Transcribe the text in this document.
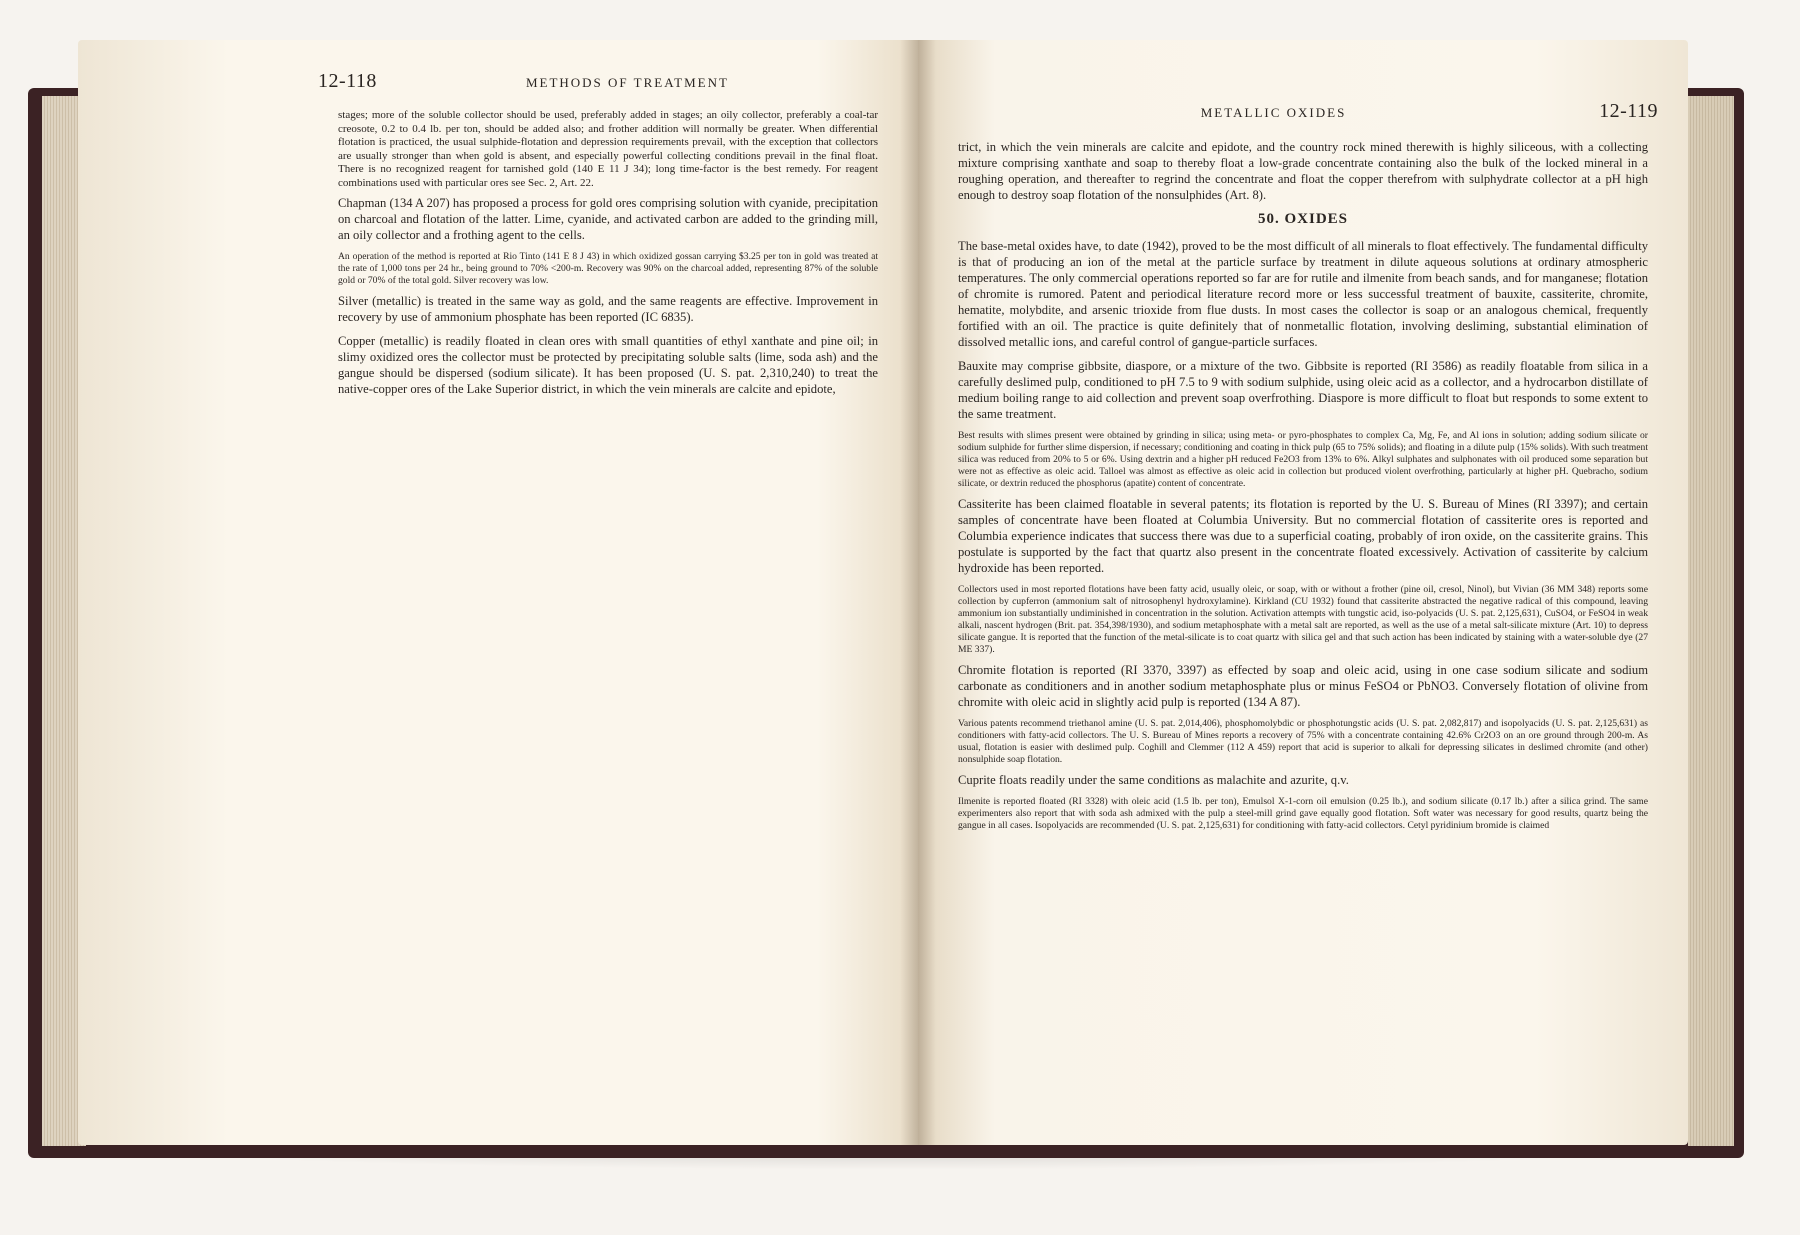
12-118	METHODS OF TREATMENT

stages; more of the soluble collector should be used, preferably added in stages; an oily collector, preferably a coal-tar creosote, 0.2 to 0.4 lb. per ton, should be added also; and frother addition will normally be greater. When differential flotation is practiced, the usual sulphide-flotation and depression requirements prevail, with the exception that collectors are usually stronger than when gold is absent, and especially powerful collecting conditions prevail in the final float. There is no recognized reagent for tarnished gold (140 E 11 J 34); long time-factor is the best remedy. For reagent combinations used with particular ores see Sec. 2, Art. 22.

Chapman (134 A 207) has proposed a process for gold ores comprising solution with cyanide, precipitation on charcoal and flotation of the latter. Lime, cyanide, and activated carbon are added to the grinding mill, an oily collector and a frothing agent to the cells.

An operation of the method is reported at Rio Tinto (141 E 8 J 43) in which oxidized gossan carrying $3.25 per ton in gold was treated at the rate of 1,000 tons per 24 hr., being ground to 70% <200-m. Recovery was 90% on the charcoal added, representing 87% of the soluble gold or 70% of the total gold. Silver recovery was low.

Silver (metallic) is treated in the same way as gold, and the same reagents are effective. Improvement in recovery by use of ammonium phosphate has been reported (IC 6835).

Copper (metallic) is readily floated in clean ores with small quantities of ethyl xanthate and pine oil; in slimy oxidized ores the collector must be protected by precipitating soluble salts (lime, soda ash) and the gangue should be dispersed (sodium silicate). It has been proposed (U. S. pat. 2,310,240) to treat the native-copper ores of the Lake Superior district, in which the vein minerals are calcite and epidote,

METALLIC OXIDES	12-119

trict, in which the vein minerals are calcite and epidote, and the country rock mined therewith is highly siliceous, with a collecting mixture comprising xanthate and soap to thereby float a low-grade concentrate containing also the bulk of the locked mineral in a roughing operation, and thereafter to regrind the concentrate and float the copper therefrom with sulphydrate collector at a pH high enough to destroy soap flotation of the nonsulphides (Art. 8).

50. OXIDES

The base-metal oxides have, to date (1942), proved to be the most difficult of all minerals to float effectively. The fundamental difficulty is that of producing an ion of the metal at the particle surface by treatment in dilute aqueous solutions at ordinary atmospheric temperatures. The only commercial operations reported so far are for rutile and ilmenite from beach sands, and for manganese; flotation of chromite is rumored. Patent and periodical literature record more or less successful treatment of bauxite, cassiterite, chromite, hematite, molybdite, and arsenic trioxide from flue dusts. In most cases the collector is soap or an analogous chemical, frequently fortified with an oil. The practice is quite definitely that of nonmetallic flotation, involving desliming, substantial elimination of dissolved metallic ions, and careful control of gangue-particle surfaces.

Bauxite may comprise gibbsite, diaspore, or a mixture of the two. Gibbsite is reported (RI 3586) as readily floatable from silica in a carefully deslimed pulp, conditioned to pH 7.5 to 9 with sodium sulphide, using oleic acid as a collector, and a hydrocarbon distillate of medium boiling range to aid collection and prevent soap overfrothing. Diaspore is more difficult to float but responds to some extent to the same treatment.

Best results with slimes present were obtained by grinding in silica; using meta- or pyro-phosphates to complex Ca, Mg, Fe, and Al ions in solution; adding sodium silicate or sodium sulphide for further slime dispersion, if necessary; conditioning and coating in thick pulp (65 to 75% solids); and floating in a dilute pulp (15% solids). With such treatment silica was reduced from 20% to 5 or 6%. Using dextrin and a higher pH reduced Fe2O3 from 13% to 6%. Alkyl sulphates and sulphonates with oil produced some separation but were not as effective as oleic acid. Talloel was almost as effective as oleic acid in collection but produced violent overfrothing, particularly at higher pH. Quebracho, sodium silicate, or dextrin reduced the phosphorus (apatite) content of concentrate.

Cassiterite has been claimed floatable in several patents; its flotation is reported by the U. S. Bureau of Mines (RI 3397); and certain samples of concentrate have been floated at Columbia University. But no commercial flotation of cassiterite ores is reported and Columbia experience indicates that success there was due to a superficial coating, probably of iron oxide, on the cassiterite grains. This postulate is supported by the fact that quartz also present in the concentrate floated excessively. Activation of cassiterite by calcium hydroxide has been reported.

Collectors used in most reported flotations have been fatty acid, usually oleic, or soap, with or without a frother (pine oil, cresol, Ninol), but Vivian (36 MM 348) reports some collection by cupferron (ammonium salt of nitrosophenyl hydroxylamine). Kirkland (CU 1932) found that cassiterite abstracted the negative radical of this compound, leaving ammonium ion substantially undiminished in concentration in the solution. Activation attempts with tungstic acid, iso-polyacids (U. S. pat. 2,125,631), CuSO4, or FeSO4 in weak alkali, nascent hydrogen (Brit. pat. 354,398/1930), and sodium metaphosphate with a metal salt are reported, as well as the use of a metal salt-silicate mixture (Art. 10) to depress silicate gangue. It is reported that the function of the metal-silicate is to coat quartz with silica gel and that such action has been indicated by staining with a water-soluble dye (27 ME 337).

Chromite flotation is reported (RI 3370, 3397) as effected by soap and oleic acid, using in one case sodium silicate and sodium carbonate as conditioners and in another sodium metaphosphate plus or minus FeSO4 or PbNO3. Conversely flotation of olivine from chromite with oleic acid in slightly acid pulp is reported (134 A 87).

Various patents recommend triethanol amine (U. S. pat. 2,014,406), phosphomolybdic or phosphotungstic acids (U. S. pat. 2,082,817) and isopolyacids (U. S. pat. 2,125,631) as conditioners with fatty-acid collectors. The U. S. Bureau of Mines reports a recovery of 75% with a concentrate containing 42.6% Cr2O3 on an ore ground through 200-m. As usual, flotation is easier with deslimed pulp. Coghill and Clemmer (112 A 459) report that acid is superior to alkali for depressing silicates in deslimed chromite (and other) nonsulphide soap flotation.

Cuprite floats readily under the same conditions as malachite and azurite, q.v.

Ilmenite is reported floated (RI 3328) with oleic acid (1.5 lb. per ton), Emulsol X-1-corn oil emulsion (0.25 lb.), and sodium silicate (0.17 lb.) after a silica grind. The same experimenters also report that with soda ash admixed with the pulp a steel-mill grind gave equally good flotation. Soft water was necessary for good results, quartz being the gangue in all cases. Isopolyacids are recommended (U. S. pat. 2,125,631) for conditioning with fatty-acid collectors. Cetyl pyridinium bromide is claimed
